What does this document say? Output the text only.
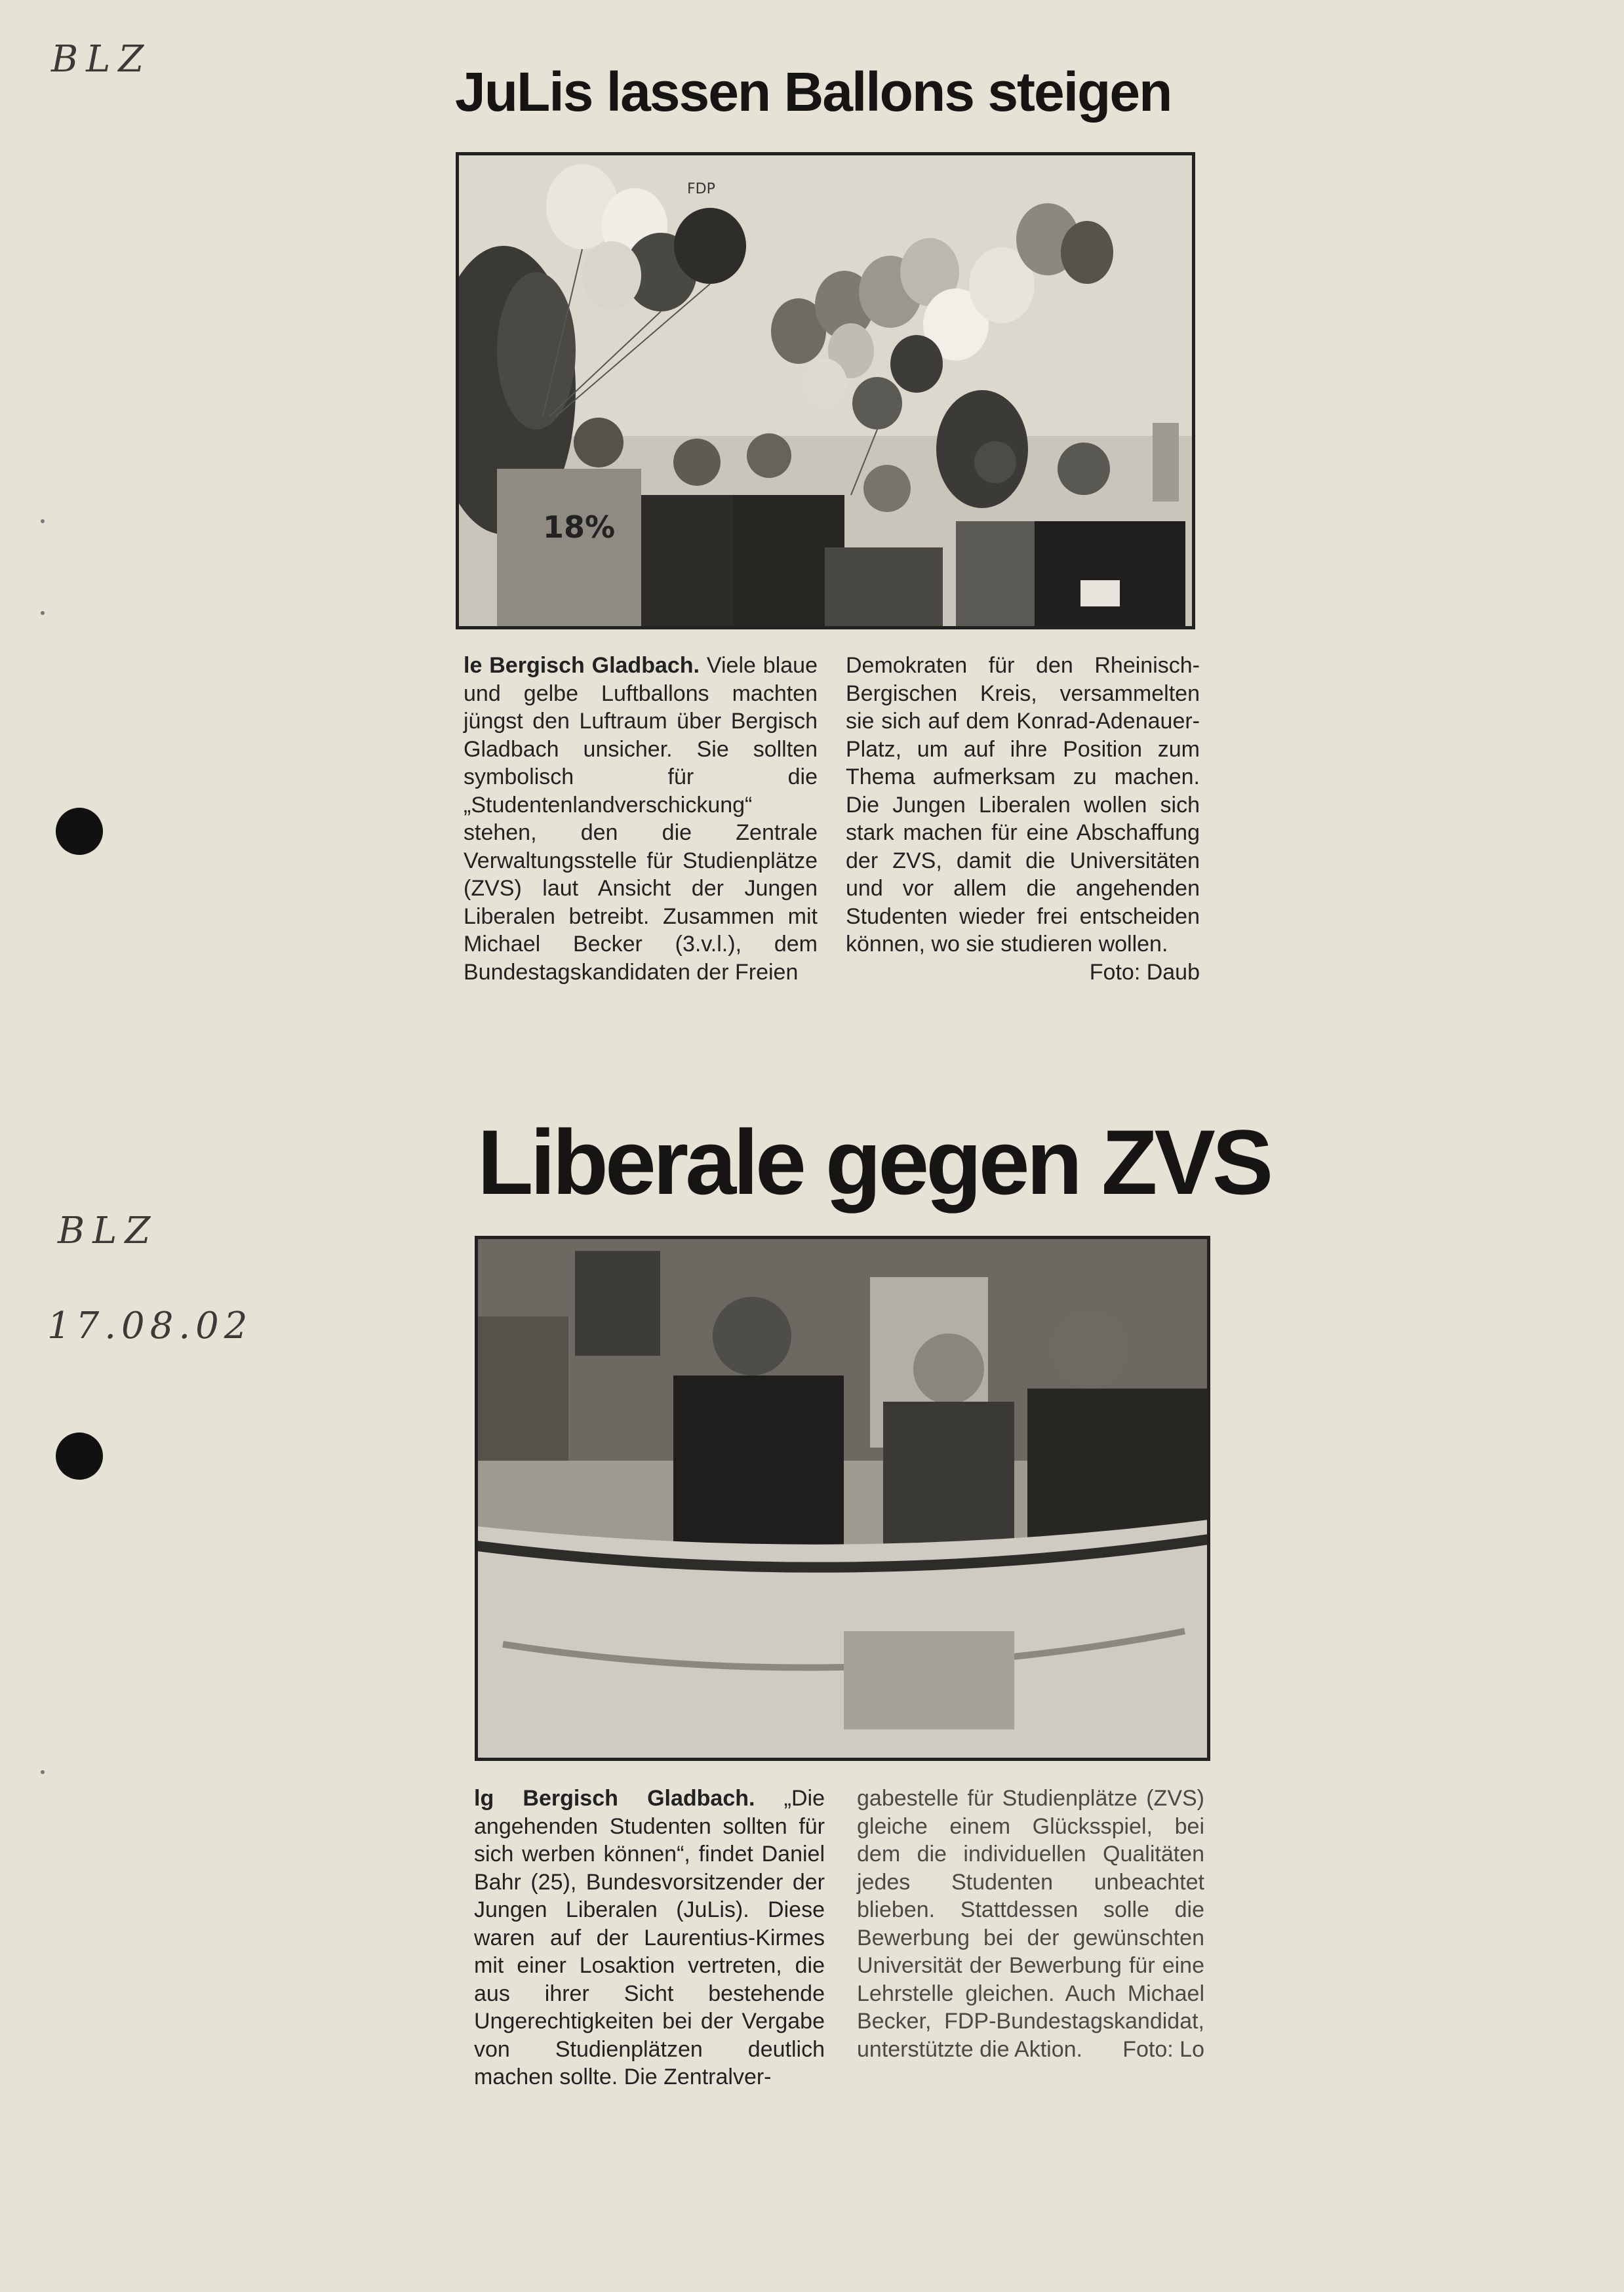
BLZ
BLZ
17.08.02
JuLis lassen Ballons steigen
FDP
18%

le Bergisch Gladbach. Viele blaue und gelbe Luftballons machten jüngst den Luftraum über Bergisch Gladbach unsicher. Sie sollten symbolisch für die „Studentenlandverschickung“ stehen, den die Zentrale Verwaltungsstelle für Studienplätze (ZVS) laut Ansicht der Jungen Liberalen betreibt. Zusammen mit Michael Becker (3.v.l.), dem Bundestagskandidaten der Freien

Demokraten für den Rheinisch-Bergischen Kreis, versammelten sie sich auf dem Konrad-Adenauer-Platz, um auf ihre Position zum Thema aufmerksam zu machen. Die Jungen Liberalen wollen sich stark machen für eine Abschaffung der ZVS, damit die Universitäten und vor allem die angehenden Studenten wieder frei entscheiden können, wo sie studieren wollen.
Foto: Daub

Liberale gegen ZVS

lg Bergisch Gladbach. „Die angehenden Studenten sollten für sich werben können“, findet Daniel Bahr (25), Bundesvorsitzender der Jungen Liberalen (JuLis). Diese waren auf der Laurentius-Kirmes mit einer Losaktion vertreten, die aus ihrer Sicht bestehende Ungerechtigkeiten bei der Vergabe von Studienplätzen deutlich machen sollte. Die Zentralver-

gabestelle für Studienplätze (ZVS) gleiche einem Glücksspiel, bei dem die individuellen Qualitäten jedes Studenten unbeachtet blieben. Stattdessen solle die Bewerbung bei der gewünschten Universität der Bewerbung für eine Lehrstelle gleichen. Auch Michael Becker, FDP-Bundestagskandidat, unterstützte die Aktion. Foto: Lo
